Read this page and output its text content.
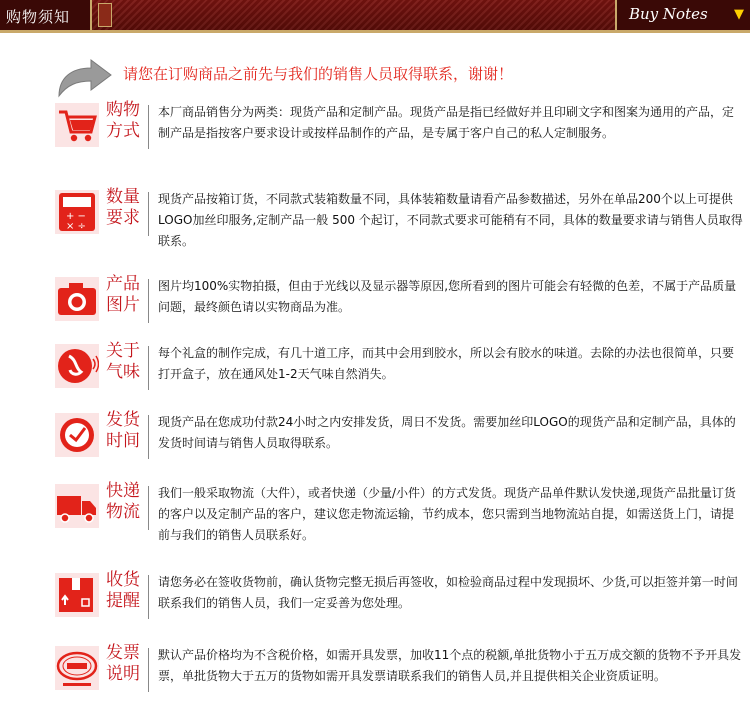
购物须知	Buy Notes ▼
请您在订购商品之前先与我们的销售人员取得联系，谢谢！
购物
方式
本厂商品销售分为两类：现货产品和定制产品。现货产品是指已经做好并且印刷文字和图案为通用的产品，定制产品是指按客户要求设计或按样品制作的产品，是专属于客户自己的私人定制服务。
+ −
× ÷
数量
要求
现货产品按箱订货，不同款式装箱数量不同，具体装箱数量请看产品参数描述，另外在单品200个以上可提供LOGO加丝印服务,定制产品一般 500 个起订，不同款式要求可能稍有不同，具体的数量要求请与销售人员取得联系。
产品
图片
图片均100%实物拍摄，但由于光线以及显示器等原因,您所看到的图片可能会有轻微的色差，不属于产品质量问题，最终颜色请以实物商品为准。
关于
气味
每个礼盒的制作完成，有几十道工序，而其中会用到胶水，所以会有胶水的味道。去除的办法也很简单，只要打开盒子，放在通风处1-2天气味自然消失。
发货
时间
现货产品在您成功付款24小时之内安排发货，周日不发货。需要加丝印LOGO的现货产品和定制产品，具体的发货时间请与销售人员取得联系。
快递
物流
我们一般采取物流（大件），或者快递（少量/小件）的方式发货。现货产品单件默认发快递,现货产品批量订货的客户以及定制产品的客户，建议您走物流运输，节约成本，您只需到当地物流站自提，如需送货上门，请提前与我们的销售人员联系好。
收货
提醒
请您务必在签收货物前，确认货物完整无损后再签收，如检验商品过程中发现损坏、少货,可以拒签并第一时间联系我们的销售人员，我们一定妥善为您处理。
发票
说明
默认产品价格均为不含税价格，如需开具发票，加收11个点的税额,单批货物小于五万成交额的货物不予开具发票，单批货物大于五万的货物如需开具发票请联系我们的销售人员,并且提供相关企业资质证明。
